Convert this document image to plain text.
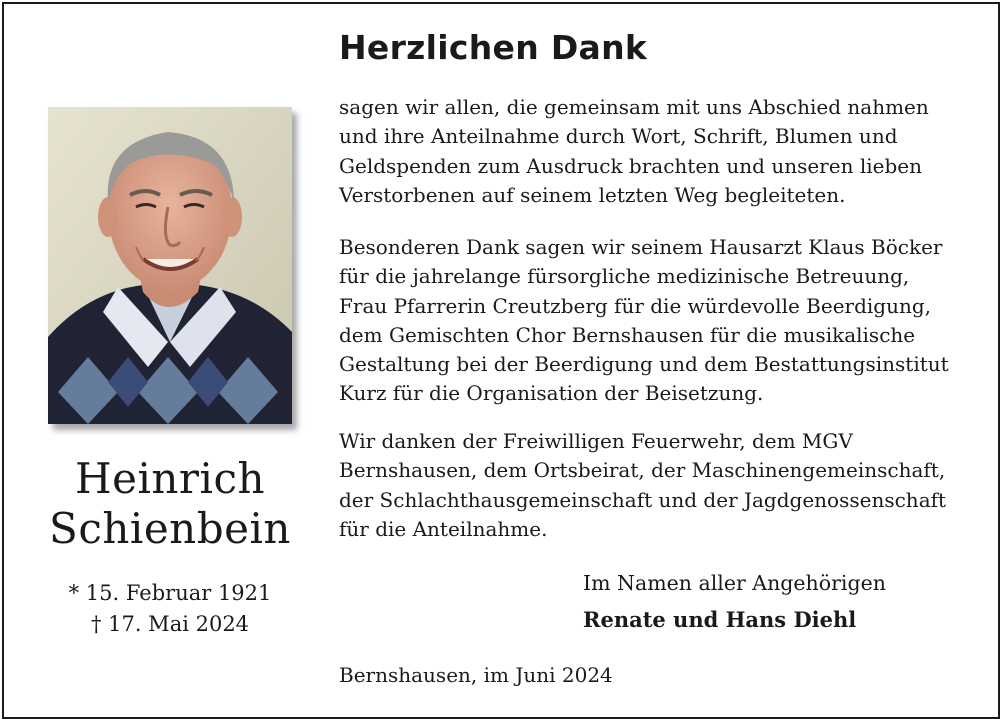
Heinrich
Schienbein
* 15. Februar 1921
† 17. Mai 2024
Herzlichen Dank
sagen wir allen, die gemeinsam mit uns Abschied nahmen
und ihre Anteilnahme durch Wort, Schrift, Blumen und
Geldspenden zum Ausdruck brachten und unseren lieben
Verstorbenen auf seinem letzten Weg begleiteten.
Besonderen Dank sagen wir seinem Hausarzt Klaus Böcker
für die jahrelange fürsorgliche medizinische Betreuung,
Frau Pfarrerin Creutzberg für die würdevolle Beerdigung,
dem Gemischten Chor Bernshausen für die musikalische
Gestaltung bei der Beerdigung und dem Bestattungsinstitut
Kurz für die Organisation der Beisetzung.
Wir danken der Freiwilligen Feuerwehr, dem MGV
Bernshausen, dem Ortsbeirat, der Maschinengemeinschaft,
der Schlachthausgemeinschaft und der Jagdgenossenschaft
für die Anteilnahme.
Im Namen aller Angehörigen
Renate und Hans Diehl
Bernshausen, im Juni 2024
